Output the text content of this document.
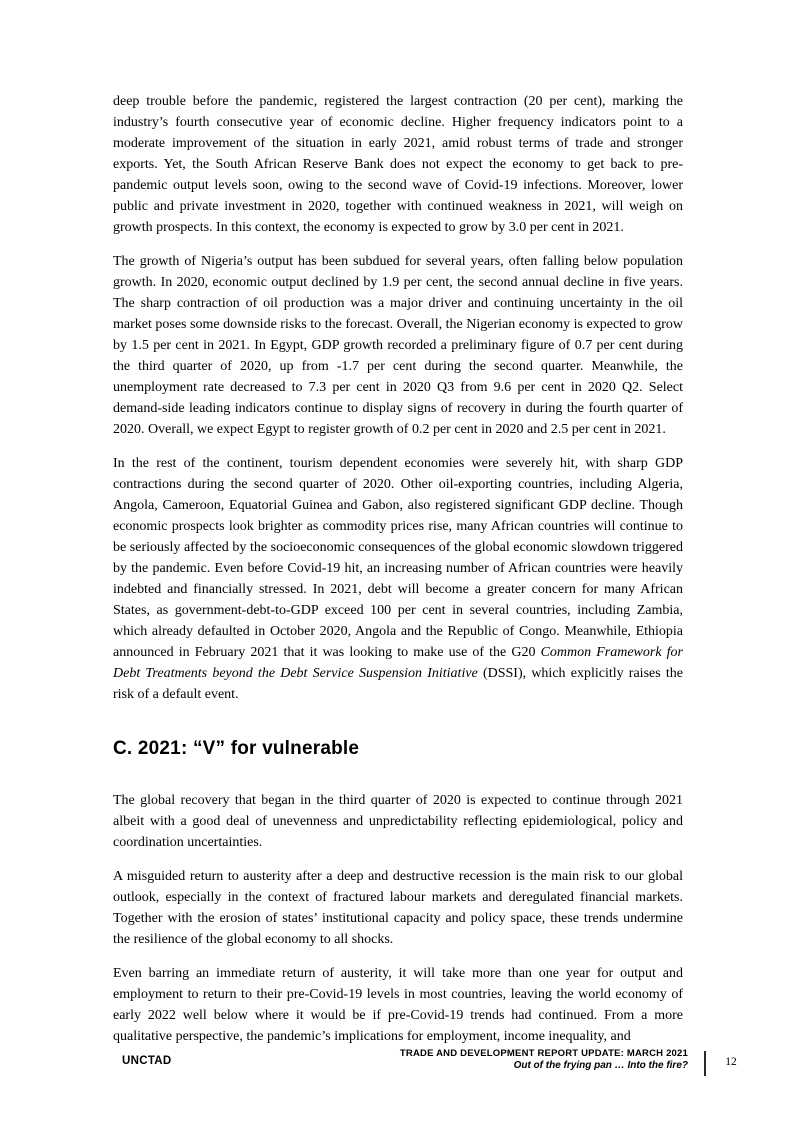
deep trouble before the pandemic, registered the largest contraction (20 per cent), marking the industry’s fourth consecutive year of economic decline. Higher frequency indicators point to a moderate improvement of the situation in early 2021, amid robust terms of trade and stronger exports. Yet, the South African Reserve Bank does not expect the economy to get back to pre-pandemic output levels soon, owing to the second wave of Covid-19 infections. Moreover, lower public and private investment in 2020, together with continued weakness in 2021, will weigh on growth prospects. In this context, the economy is expected to grow by 3.0 per cent in 2021.

The growth of Nigeria’s output has been subdued for several years, often falling below population growth. In 2020, economic output declined by 1.9 per cent, the second annual decline in five years. The sharp contraction of oil production was a major driver and continuing uncertainty in the oil market poses some downside risks to the forecast. Overall, the Nigerian economy is expected to grow by 1.5 per cent in 2021. In Egypt, GDP growth recorded a preliminary figure of 0.7 per cent during the third quarter of 2020, up from -1.7 per cent during the second quarter. Meanwhile, the unemployment rate decreased to 7.3 per cent in 2020 Q3 from 9.6 per cent in 2020 Q2. Select demand-side leading indicators continue to display signs of recovery in during the fourth quarter of 2020. Overall, we expect Egypt to register growth of 0.2 per cent in 2020 and 2.5 per cent in 2021.

In the rest of the continent, tourism dependent economies were severely hit, with sharp GDP contractions during the second quarter of 2020. Other oil-exporting countries, including Algeria, Angola, Cameroon, Equatorial Guinea and Gabon, also registered significant GDP decline. Though economic prospects look brighter as commodity prices rise, many African countries will continue to be seriously affected by the socioeconomic consequences of the global economic slowdown triggered by the pandemic. Even before Covid-19 hit, an increasing number of African countries were heavily indebted and financially stressed. In 2021, debt will become a greater concern for many African States, as government-debt-to-GDP exceed 100 per cent in several countries, including Zambia, which already defaulted in October 2020, Angola and the Republic of Congo. Meanwhile, Ethiopia announced in February 2021 that it was looking to make use of the G20 Common Framework for Debt Treatments beyond the Debt Service Suspension Initiative (DSSI), which explicitly raises the risk of a default event.

C. 2021: “V” for vulnerable

The global recovery that began in the third quarter of 2020 is expected to continue through 2021 albeit with a good deal of unevenness and unpredictability reflecting epidemiological, policy and coordination uncertainties.

A misguided return to austerity after a deep and destructive recession is the main risk to our global outlook, especially in the context of fractured labour markets and deregulated financial markets. Together with the erosion of states’ institutional capacity and policy space, these trends undermine the resilience of the global economy to all shocks.

Even barring an immediate return of austerity, it will take more than one year for output and employment to return to their pre-Covid-19 levels in most countries, leaving the world economy of early 2022 well below where it would be if pre-Covid-19 trends had continued. From a more qualitative perspective, the pandemic’s implications for employment, income inequality, and

UNCTAD
TRADE AND DEVELOPMENT REPORT UPDATE: MARCH 2021
Out of the frying pan … Into the fire?	12
